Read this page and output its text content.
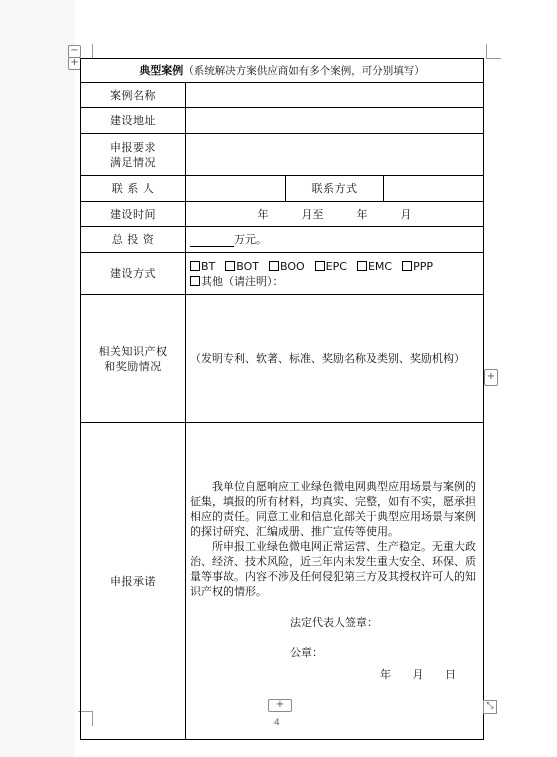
−
+
典型案例（系统解决方案供应商如有多个案例，可分别填写）			
案例名称			
建设地址			

申报要求
满足情况			

联 系 人		联系方式	
建设时间	年　　　月至　　　年　　　月		
总 投 资	万元。		
建设方式	BT BOT BOO EPC EMC PPP
其他（请注明）：		

相关知识产权
和奖励情况	（发明专利、软著、标准、奖励名称及类别、奖励机构）		
申报承诺	我单位自愿响应工业绿色微电网典型应用场景与案例的征集，填报的所有材料，均真实、完整，如有不实，愿承担相应的责任。同意工业和信息化部关于典型应用场景与案例的探讨研究、汇编成册、推广宣传等使用。

所申报工业绿色微电网正常运营、生产稳定。无重大政治、经济、技术风险，近三年内未发生重大安全、环保、质量等事故。内容不涉及任何侵犯第三方及其授权许可人的知识产权的情形。

法定代表人签章：
公章：
年 月 日		
+
+	⤡
4
